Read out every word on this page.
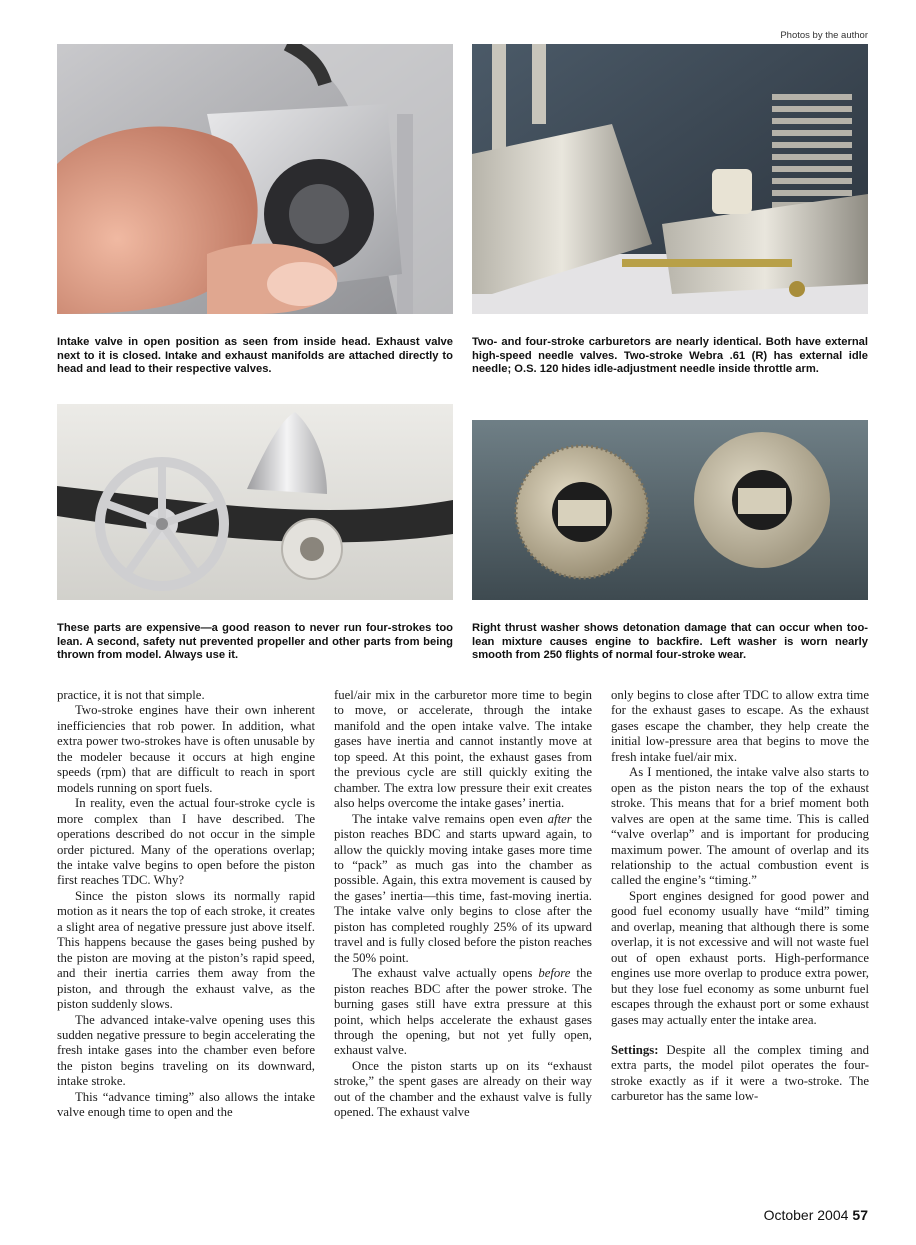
Photos by the author

Intake valve in open position as seen from inside head. Exhaust valve next to it is closed. Intake and exhaust manifolds are attached directly to head and lead to their respective valves.

Two- and four-stroke carburetors are nearly identical. Both have external high-speed needle valves. Two-stroke Webra .61 (R) has external idle needle; O.S. 120 hides idle-adjustment needle inside throttle arm.

These parts are expensive—a good reason to never run four-strokes too lean. A second, safety nut prevented propeller and other parts from being thrown from model. Always use it.

Right thrust washer shows detonation damage that can occur when too-lean mixture causes engine to backfire. Left washer is worn nearly smooth from 250 flights of normal four-stroke wear.

practice, it is not that simple.

Two-stroke engines have their own inherent inefficiencies that rob power. In addition, what extra power two-strokes have is often unusable by the modeler because it occurs at high engine speeds (rpm) that are difficult to reach in sport models running on sport fuels.

In reality, even the actual four-stroke cycle is more complex than I have described. The operations described do not occur in the simple order pictured. Many of the operations overlap; the intake valve begins to open before the piston first reaches TDC. Why?

Since the piston slows its normally rapid motion as it nears the top of each stroke, it creates a slight area of negative pressure just above itself. This happens because the gases being pushed by the piston are moving at the piston’s rapid speed, and their inertia carries them away from the piston, and through the exhaust valve, as the piston suddenly slows.

The advanced intake-valve opening uses this sudden negative pressure to begin accelerating the fresh intake gases into the chamber even before the piston begins traveling on its downward, intake stroke.

This “advance timing” also allows the intake valve enough time to open and the

fuel/air mix in the carburetor more time to begin to move, or accelerate, through the intake manifold and the open intake valve. The intake gases have inertia and cannot instantly move at top speed. At this point, the exhaust gases from the previous cycle are still quickly exiting the chamber. The extra low pressure their exit creates also helps overcome the intake gases’ inertia.

The intake valve remains open even after the piston reaches BDC and starts upward again, to allow the quickly moving intake gases more time to “pack” as much gas into the chamber as possible. Again, this extra movement is caused by the gases’ inertia—this time, fast-moving inertia. The intake valve only begins to close after the piston has completed roughly 25% of its upward travel and is fully closed before the piston reaches the 50% point.

The exhaust valve actually opens before the piston reaches BDC after the power stroke. The burning gases still have extra pressure at this point, which helps accelerate the exhaust gases through the opening, but not yet fully open, exhaust valve.

Once the piston starts up on its “exhaust stroke,” the spent gases are already on their way out of the chamber and the exhaust valve is fully opened. The exhaust valve

only begins to close after TDC to allow extra time for the exhaust gases to escape. As the exhaust gases escape the chamber, they help create the initial low-pressure area that begins to move the fresh intake fuel/air mix.

As I mentioned, the intake valve also starts to open as the piston nears the top of the exhaust stroke. This means that for a brief moment both valves are open at the same time. This is called “valve overlap” and is important for producing maximum power. The amount of overlap and its relationship to the actual combustion event is called the engine’s “timing.”

Sport engines designed for good power and good fuel economy usually have “mild” timing and overlap, meaning that although there is some overlap, it is not excessive and will not waste fuel out of open exhaust ports. High-performance engines use more overlap to produce extra power, but they lose fuel economy as some unburnt fuel escapes through the exhaust port or some exhaust gases may actually enter the intake area.

Settings: Despite all the complex timing and extra parts, the model pilot operates the four-stroke exactly as if it were a two-stroke. The carburetor has the same low-

October 2004 57
